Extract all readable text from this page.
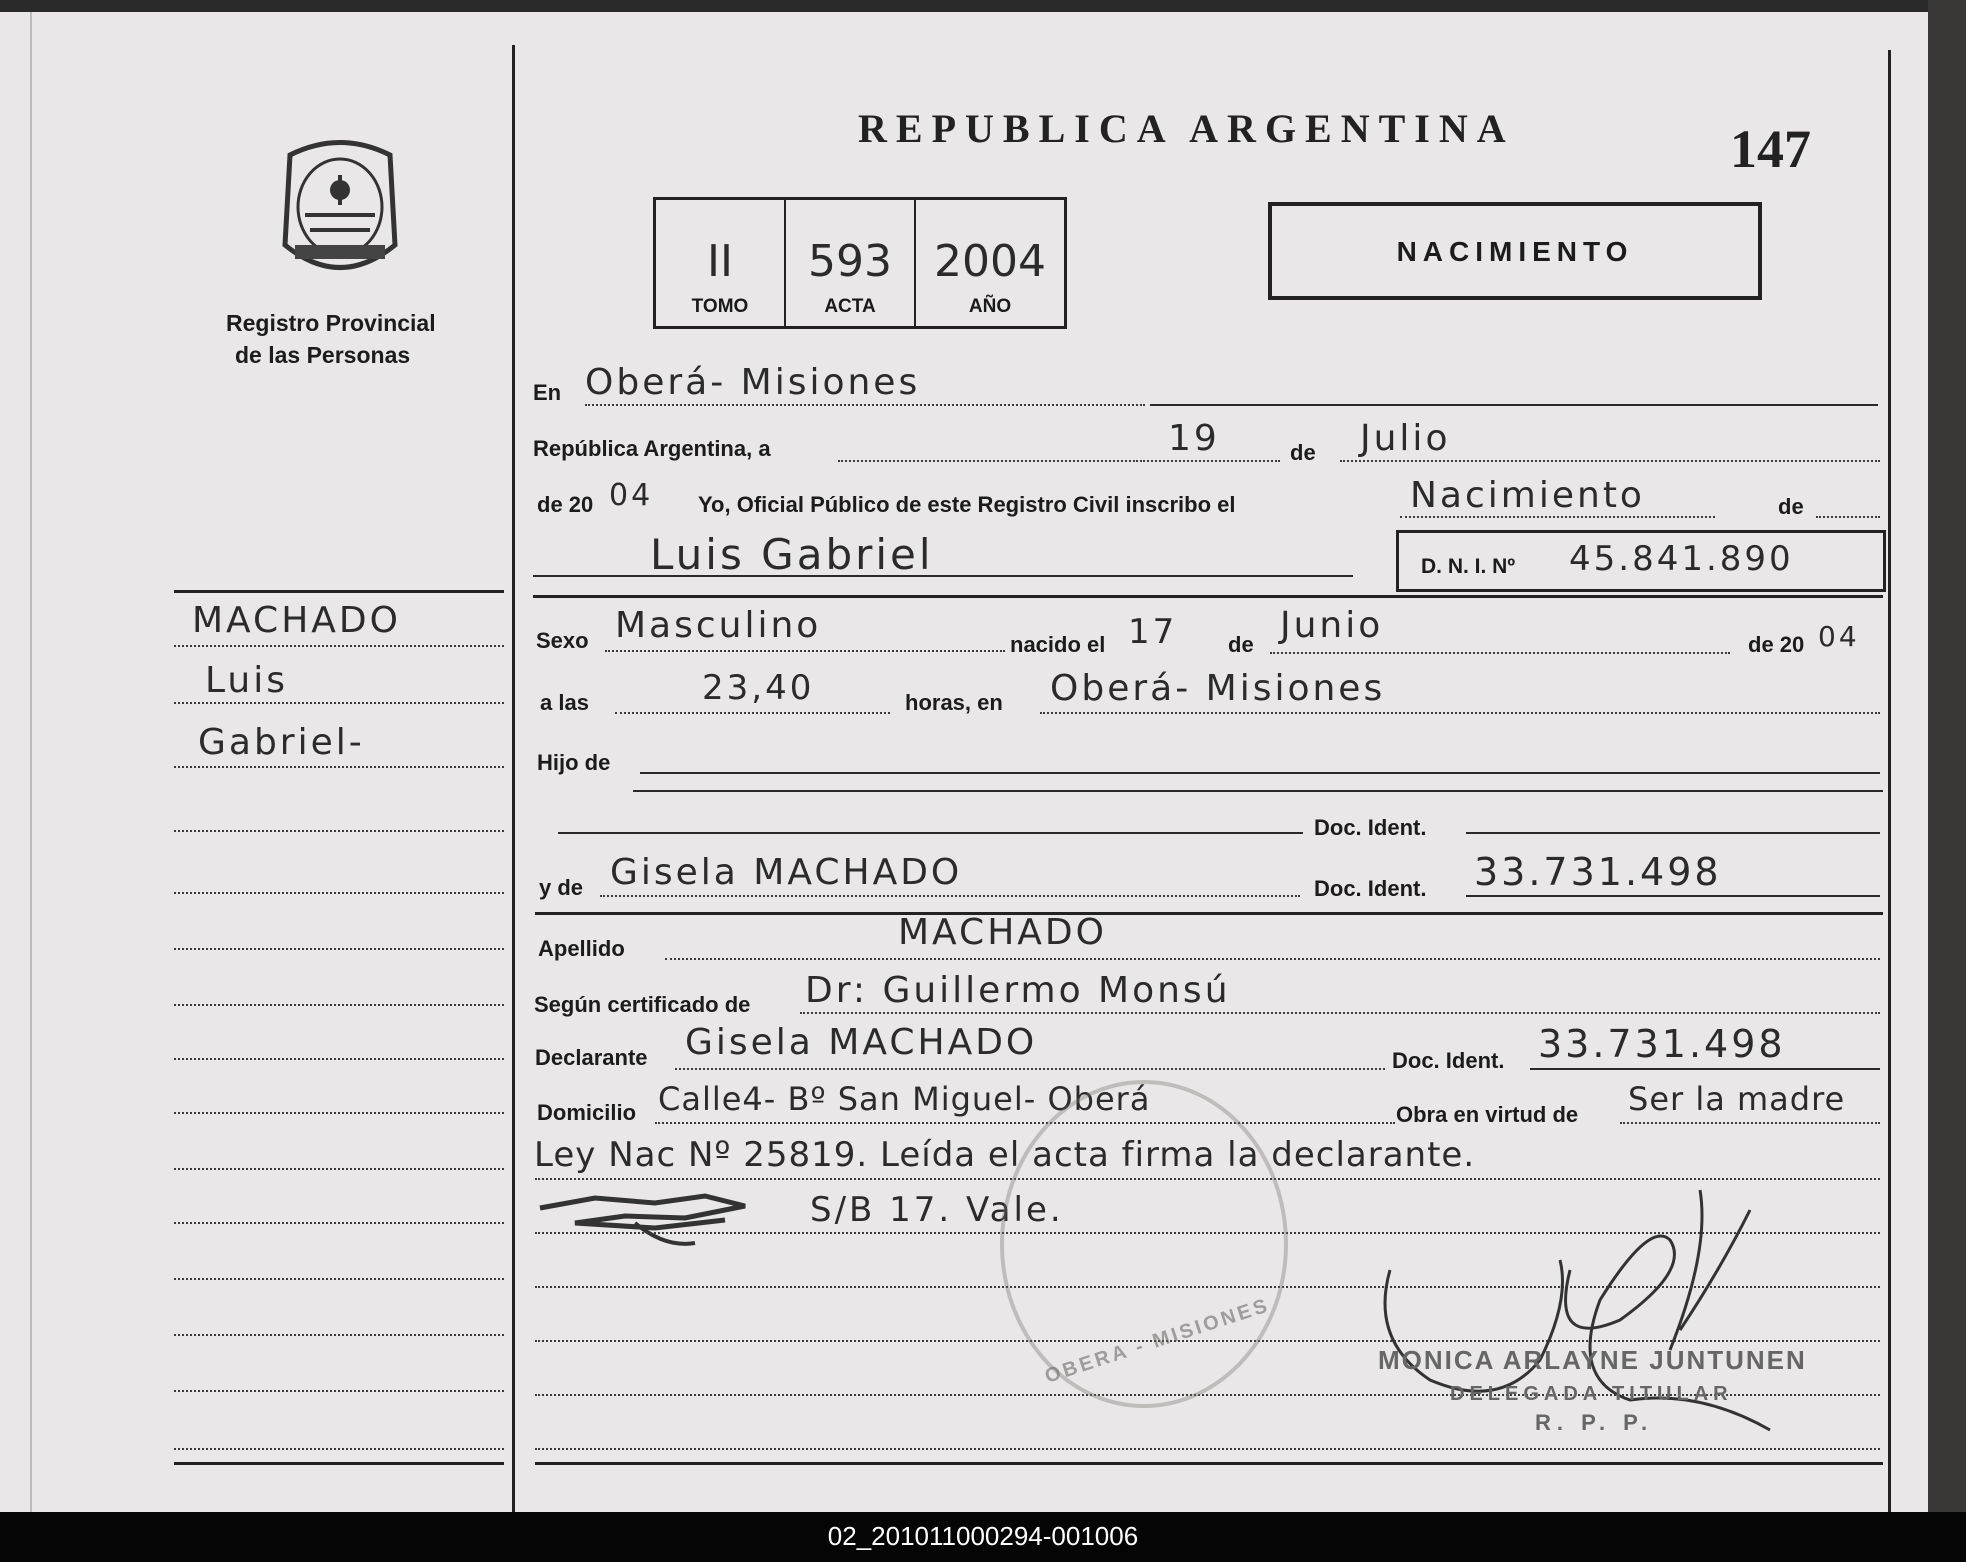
Registro Provincial
de las Personas
REPUBLICA ARGENTINA	147
II
TOMO
593
ACTA
2004
AÑO
NACIMIENTO
MACHADO
Luis
Gabriel-
En Oberá- Misiones
República Argentina, a	19	de Julio
de 20 04 Yo, Oficial Público de este Registro Civil inscribo el	Nacimiento	de
Luis Gabriel	D. N. I. Nº 45.841.890
Sexo Masculino	nacido el 17 de Junio	de 20 04
a las	23,40	horas, en Oberá- Misiones
Hijo de
Doc. Ident.
y de Gisela MACHADO	Doc. Ident. 33.731.498
Apellido	MACHADO
Según certificado de Dr: Guillermo Monsú
Declarante Gisela MACHADO	Doc. Ident. 33.731.498
Domicilio Calle4- Bº San Miguel- Oberá	Obra en virtud de Ser la madre
Ley Nac Nº 25819. Leída el acta firma la declarante.
S/B 17. Vale.
OBERA - MISIONES	MONICA ARLAYNE JUNTUNEN
DELEGADA TITULAR
R. P. P.
02_201011000294-001006
